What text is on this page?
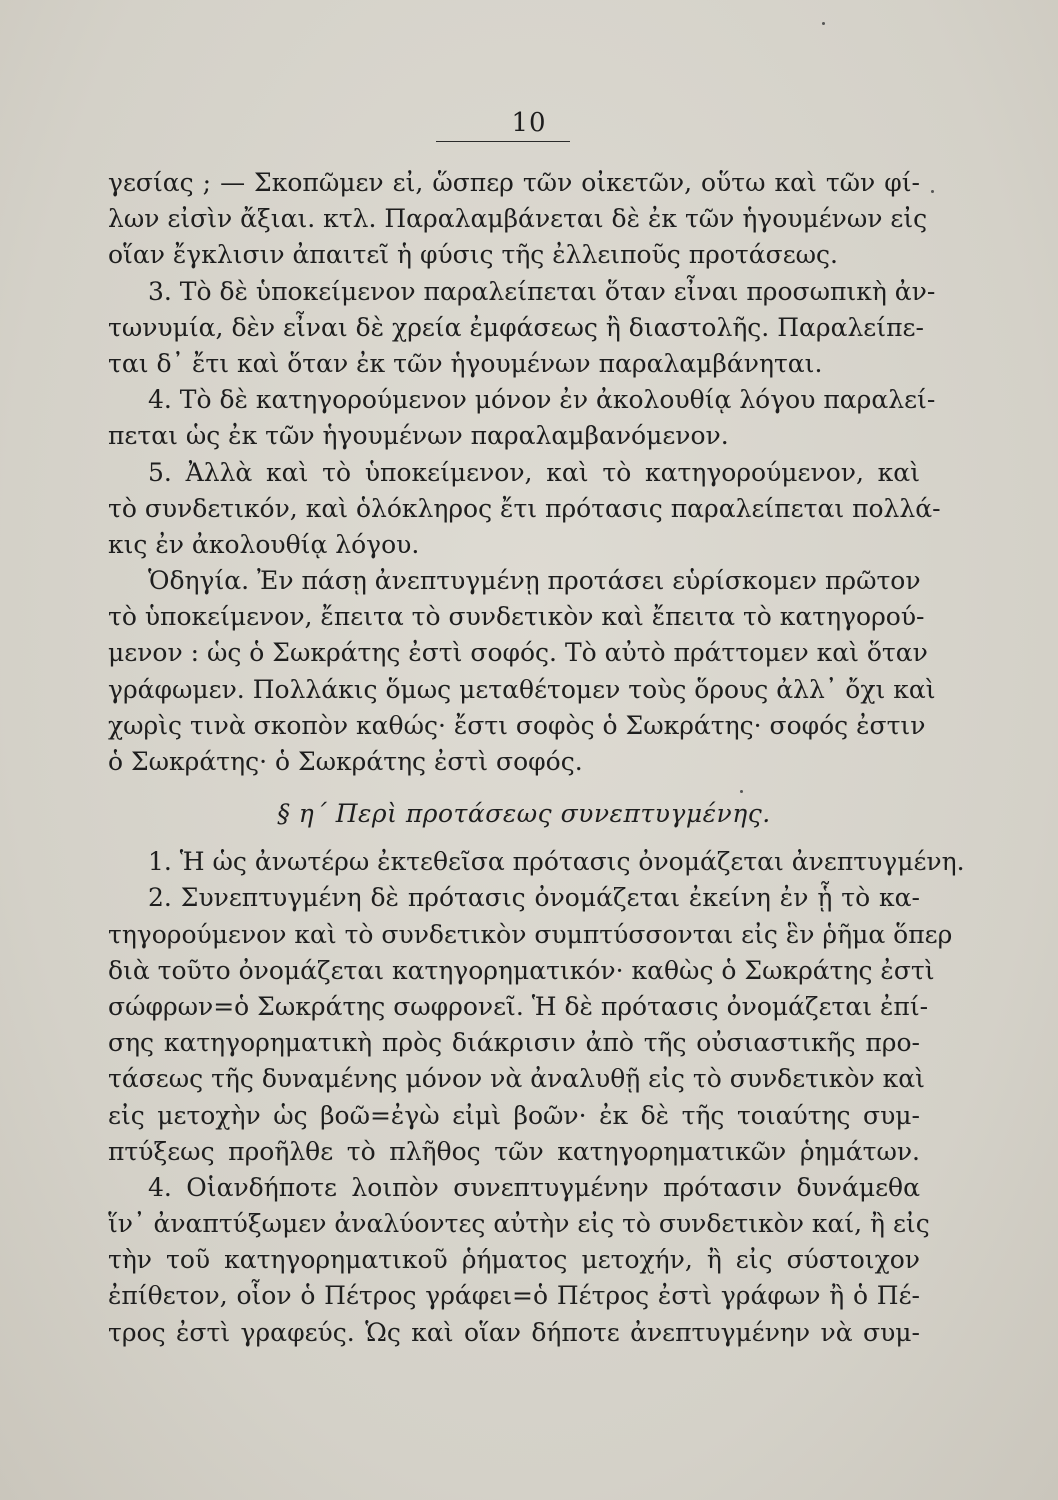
10
γεσίας ; — Σκοπῶμεν εἰ, ὥσπερ τῶν οἰκετῶν, οὕτω καὶ τῶν φί-
λων εἰσὶν ἄξιαι. κτλ. Παραλαμβάνεται δὲ ἐκ τῶν ἡγουμένων εἰς
οἵαν ἔγκλισιν ἀπαιτεῖ ἡ φύσις τῆς ἐλλειποῦς προτάσεως.
3. Τὸ δὲ ὑποκείμενον παραλείπεται ὅταν εἶναι προσωπικὴ ἀν-
τωνυμία, δὲν εἶναι δὲ χρεία ἐμφάσεως ἢ διαστολῆς. Παραλείπε-
ται δ᾽ ἔτι καὶ ὅταν ἐκ τῶν ἡγουμένων παραλαμβάνηται.
4. Τὸ δὲ κατηγορούμενον μόνον ἐν ἀκολουθίᾳ λόγου παραλεί-
πεται ὡς ἐκ τῶν ἡγουμένων παραλαμβανόμενον.
5. Ἀλλὰ καὶ τὸ ὑποκείμενον, καὶ τὸ κατηγορούμενον, καὶ
τὸ συνδετικόν, καὶ ὁλόκληρος ἔτι πρότασις παραλείπεται πολλά-
κις ἐν ἀκολουθίᾳ λόγου.
Ὁδηγία. Ἐν πάσῃ ἀνεπτυγμένῃ προτάσει εὑρίσκομεν πρῶτον
τὸ ὑποκείμενον, ἔπειτα τὸ συνδετικὸν καὶ ἔπειτα τὸ κατηγορού-
μενον : ὡς ὁ Σωκράτης ἐστὶ σοφός. Τὸ αὐτὸ πράττομεν καὶ ὅταν
γράφωμεν. Πολλάκις ὅμως μεταθέτομεν τοὺς ὅρους ἀλλ᾽ ὄχι καὶ
χωρὶς τινὰ σκοπὸν καθώς· ἔστι σοφὸς ὁ Σωκράτης· σοφός ἐστιν
ὁ Σωκράτης· ὁ Σωκράτης ἐστὶ σοφός.
§ η΄ Περὶ προτάσεως συνεπτυγμένης.
1. Ἡ ὡς ἀνωτέρω ἐκτεθεῖσα πρότασις ὀνομάζεται ἀνεπτυγμένη.
2. Συνεπτυγμένη δὲ πρότασις ὀνομάζεται ἐκείνη ἐν ᾗ τὸ κα-
τηγορούμενον καὶ τὸ συνδετικὸν συμπτύσσονται εἰς ἓν ῥῆμα ὅπερ
διὰ τοῦτο ὀνομάζεται κατηγορηματικόν· καθὼς ὁ Σωκράτης ἐστὶ
σώφρων=ὁ Σωκράτης σωφρονεῖ. Ἡ δὲ πρότασις ὀνομάζεται ἐπί-
σης κατηγορηματικὴ πρὸς διάκρισιν ἀπὸ τῆς οὐσιαστικῆς προ-
τάσεως τῆς δυναμένης μόνον νὰ ἀναλυθῇ εἰς τὸ συνδετικὸν καὶ
εἰς μετοχὴν ὡς βοῶ=ἐγὼ εἰμὶ βοῶν· ἐκ δὲ τῆς τοιαύτης συμ-
πτύξεως προῆλθε τὸ πλῆθος τῶν κατηγορηματικῶν ῥημάτων.
4. Οἱανδήποτε λοιπὸν συνεπτυγμένην πρότασιν δυνάμεθα
ἵν᾽ ἀναπτύξωμεν ἀναλύοντες αὐτὴν εἰς τὸ συνδετικὸν καί, ἢ εἰς
τὴν τοῦ κατηγορηματικοῦ ῥήματος μετοχήν, ἢ εἰς σύστοιχον
ἐπίθετον, οἷον ὁ Πέτρος γράφει=ὁ Πέτρος ἐστὶ γράφων ἢ ὁ Πέ-
τρος ἐστὶ γραφεύς. Ὡς καὶ οἵαν δήποτε ἀνεπτυγμένην νὰ συμ-
